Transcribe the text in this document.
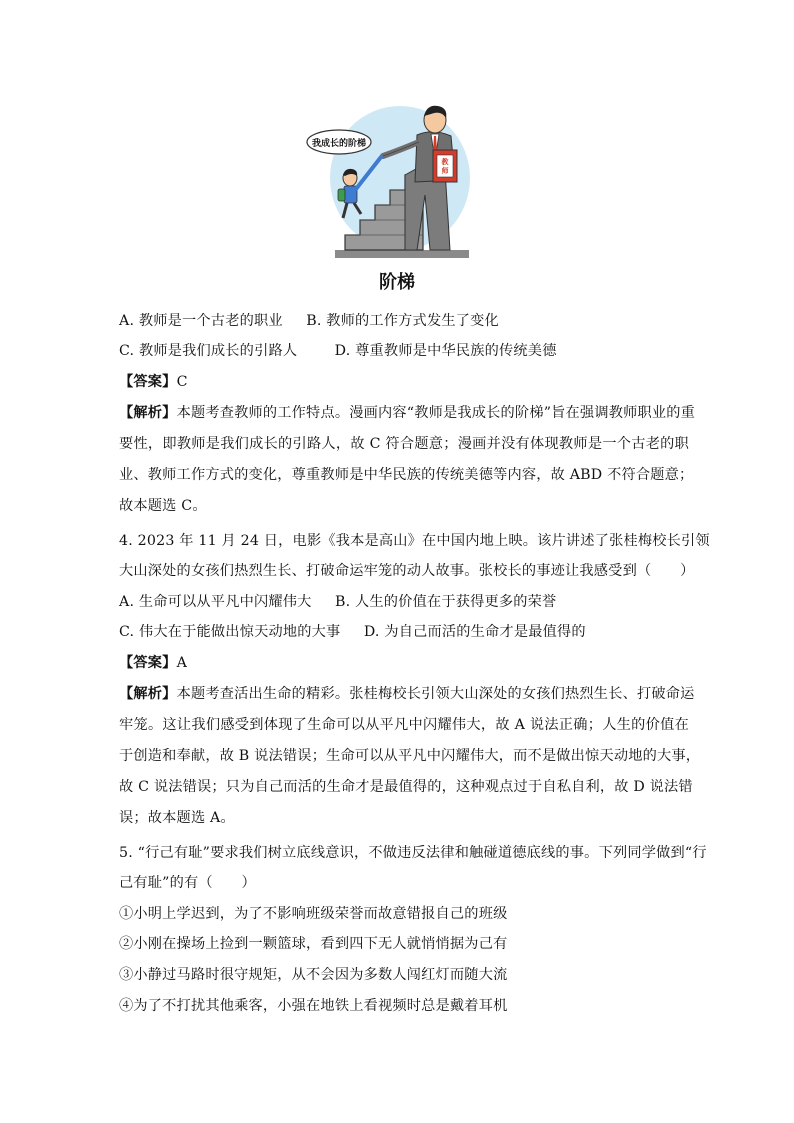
教
师
我成长的阶梯
阶梯
A. 教师是一个古老的职业 B. 教师的工作方式发生了变化
C. 教师是我们成长的引路人	D. 尊重教师是中华民族的传统美德
【答案】C
【解析】本题考查教师的工作特点。漫画内容“教师是我成长的阶梯”旨在强调教师职业的重
要性，即教师是我们成长的引路人，故 C 符合题意；漫画并没有体现教师是一个古老的职
业、教师工作方式的变化，尊重教师是中华民族的传统美德等内容，故 ABD 不符合题意；
故本题选 C。
4. 2023 年 11 月 24 日，电影《我本是高山》在中国内地上映。该片讲述了张桂梅校长引领
大山深处的女孩们热烈生长、打破命运牢笼的动人故事。张校长的事迹让我感受到（　　）
A. 生命可以从平凡中闪耀伟大 B. 人生的价值在于获得更多的荣誉
C. 伟大在于能做出惊天动地的大事 D. 为自己而活的生命才是最值得的
【答案】A
【解析】本题考查活出生命的精彩。张桂梅校长引领大山深处的女孩们热烈生长、打破命运
牢笼。这让我们感受到体现了生命可以从平凡中闪耀伟大，故 A 说法正确；人生的价值在
于创造和奉献，故 B 说法错误；生命可以从平凡中闪耀伟大，而不是做出惊天动地的大事，
故 C 说法错误；只为自己而活的生命才是最值得的，这种观点过于自私自利，故 D 说法错
误；故本题选 A。
5. “行己有耻”要求我们树立底线意识，不做违反法律和触碰道德底线的事。下列同学做到“行
己有耻”的有（　　）
①小明上学迟到，为了不影响班级荣誉而故意错报自己的班级
②小刚在操场上捡到一颗篮球，看到四下无人就悄悄据为己有
③小静过马路时很守规矩，从不会因为多数人闯红灯而随大流
④为了不打扰其他乘客，小强在地铁上看视频时总是戴着耳机
